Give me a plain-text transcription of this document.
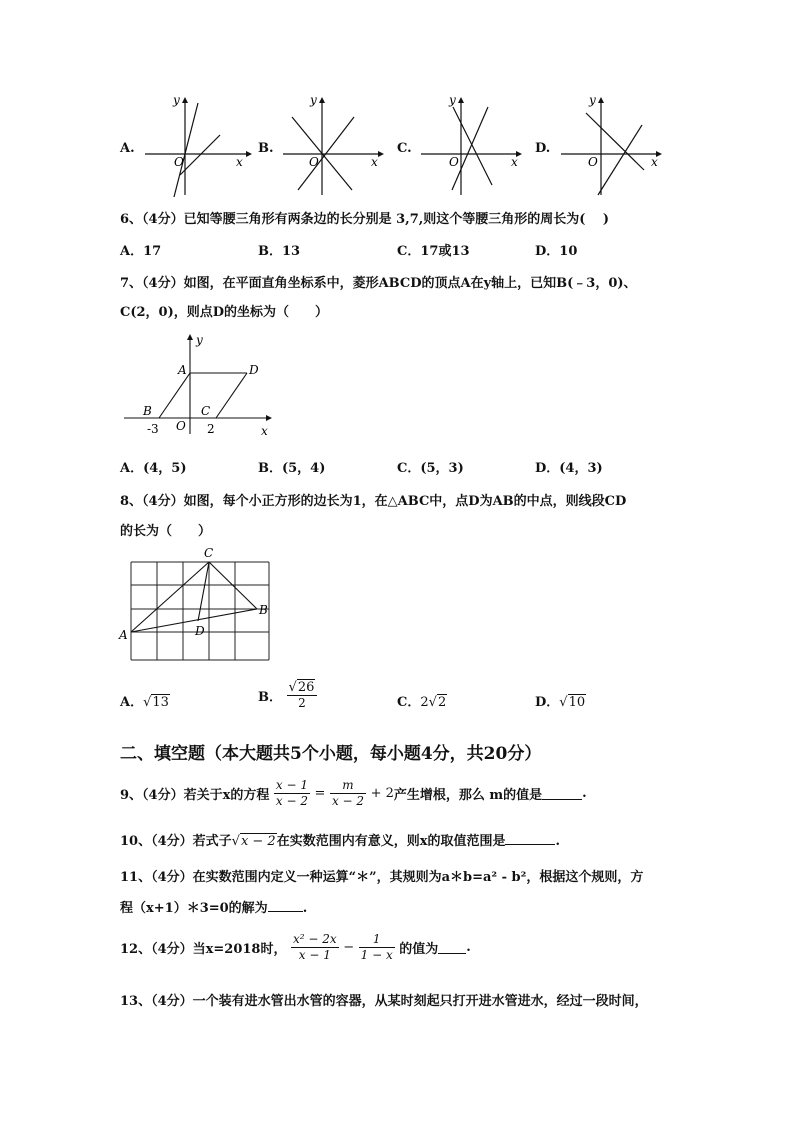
A.
y
x
O
B.
y
x
O
C.
y
x
O
D.
y
x
O
6、（4分）已知等腰三角形有两条边的长分别是 3,7,则这个等腰三角形的周长为(　 )
A．17	B．13	C．17或13	D．10
7、（4分）如图，在平面直角坐标系中，菱形ABCD的顶点A在y轴上，已知B(﹣3，0)、
C(2，0)，则点D的坐标为（　　）
y
x
A	D
B	C
O
-3	2
A．(4，5)	B．(5，4)	C．(5，3)	D．(4，3)
8、（4分）如图，每个小正方形的边长为1，在△ABC中，点D为AB的中点，则线段CD
的长为（　　）
C
B
A	D
A．√13	B． $\frac{√26}{2}$	C．2√2	D．√10
二、填空题（本大题共5个小题，每小题4分，共20分）
9、（4分）若关于x的方程 $\frac{x - 1}{x - 2} = \frac{m}{x - 2} + 2$产生增根，那么 m的值是	.
10、（4分）若式子√x − 2在实数范围内有意义，则x的取值范围是	.
11、（4分）在实数范围内定义一种运算“＊”，其规则为a＊b=a² - b²，根据这个规则，方
程（x+1）＊3=0的解为	.
12、（4分）当x=2018时， $\frac{\text{x² − 2x}}{x - 1} - \frac{1}{1 - x}$ 的值为 .
13、（4分）一个装有进水管出水管的容器，从某时刻起只打开进水管进水，经过一段时间，
